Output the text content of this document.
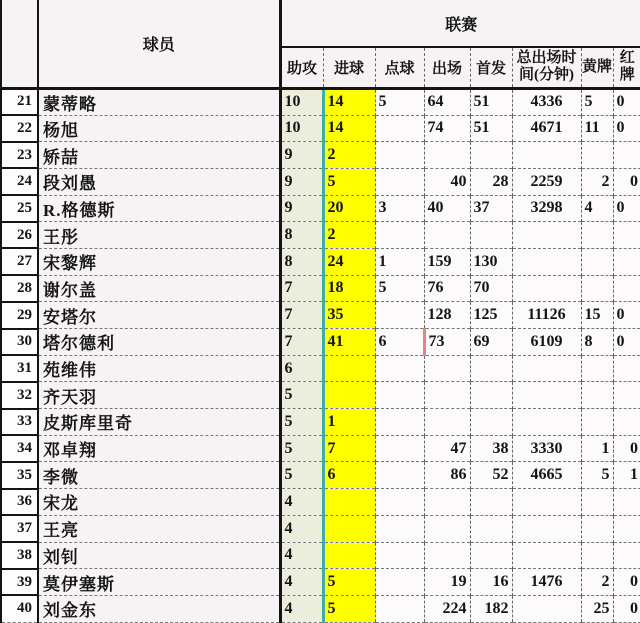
	球员	联赛							
		助攻	进球	点球	出场	首发	总出场时间(分钟)	黄牌	红牌
21	蒙蒂略	10	14	5	64	51	4336	5	0
22	杨旭	10	14		74	51	4671	11	0
23	矫喆	9	2						
24	段刘愚	9	5		40	28	2259	2	0
25	R.格德斯	9	20	3	40	37	3298	4	0
26	王彤	8	2						
27	宋黎辉	8	24	1	159	130			
28	谢尔盖	7	18	5	76	70			
29	安塔尔	7	35		128	125	11126	15	0
30	塔尔德利	7	41	6	73	69	6109	8	0
31	苑维伟	6							
32	齐天羽	5							
33	皮斯库里奇	5	1						
34	邓卓翔	5	7		47	38	3330	1	0
35	李微	5	6		86	52	4665	5	1
36	宋龙	4							
37	王亮	4							
38	刘钊	4							
39	莫伊塞斯	4	5		19	16	1476	2	0
40	刘金东	4	5		224	182		25	0
